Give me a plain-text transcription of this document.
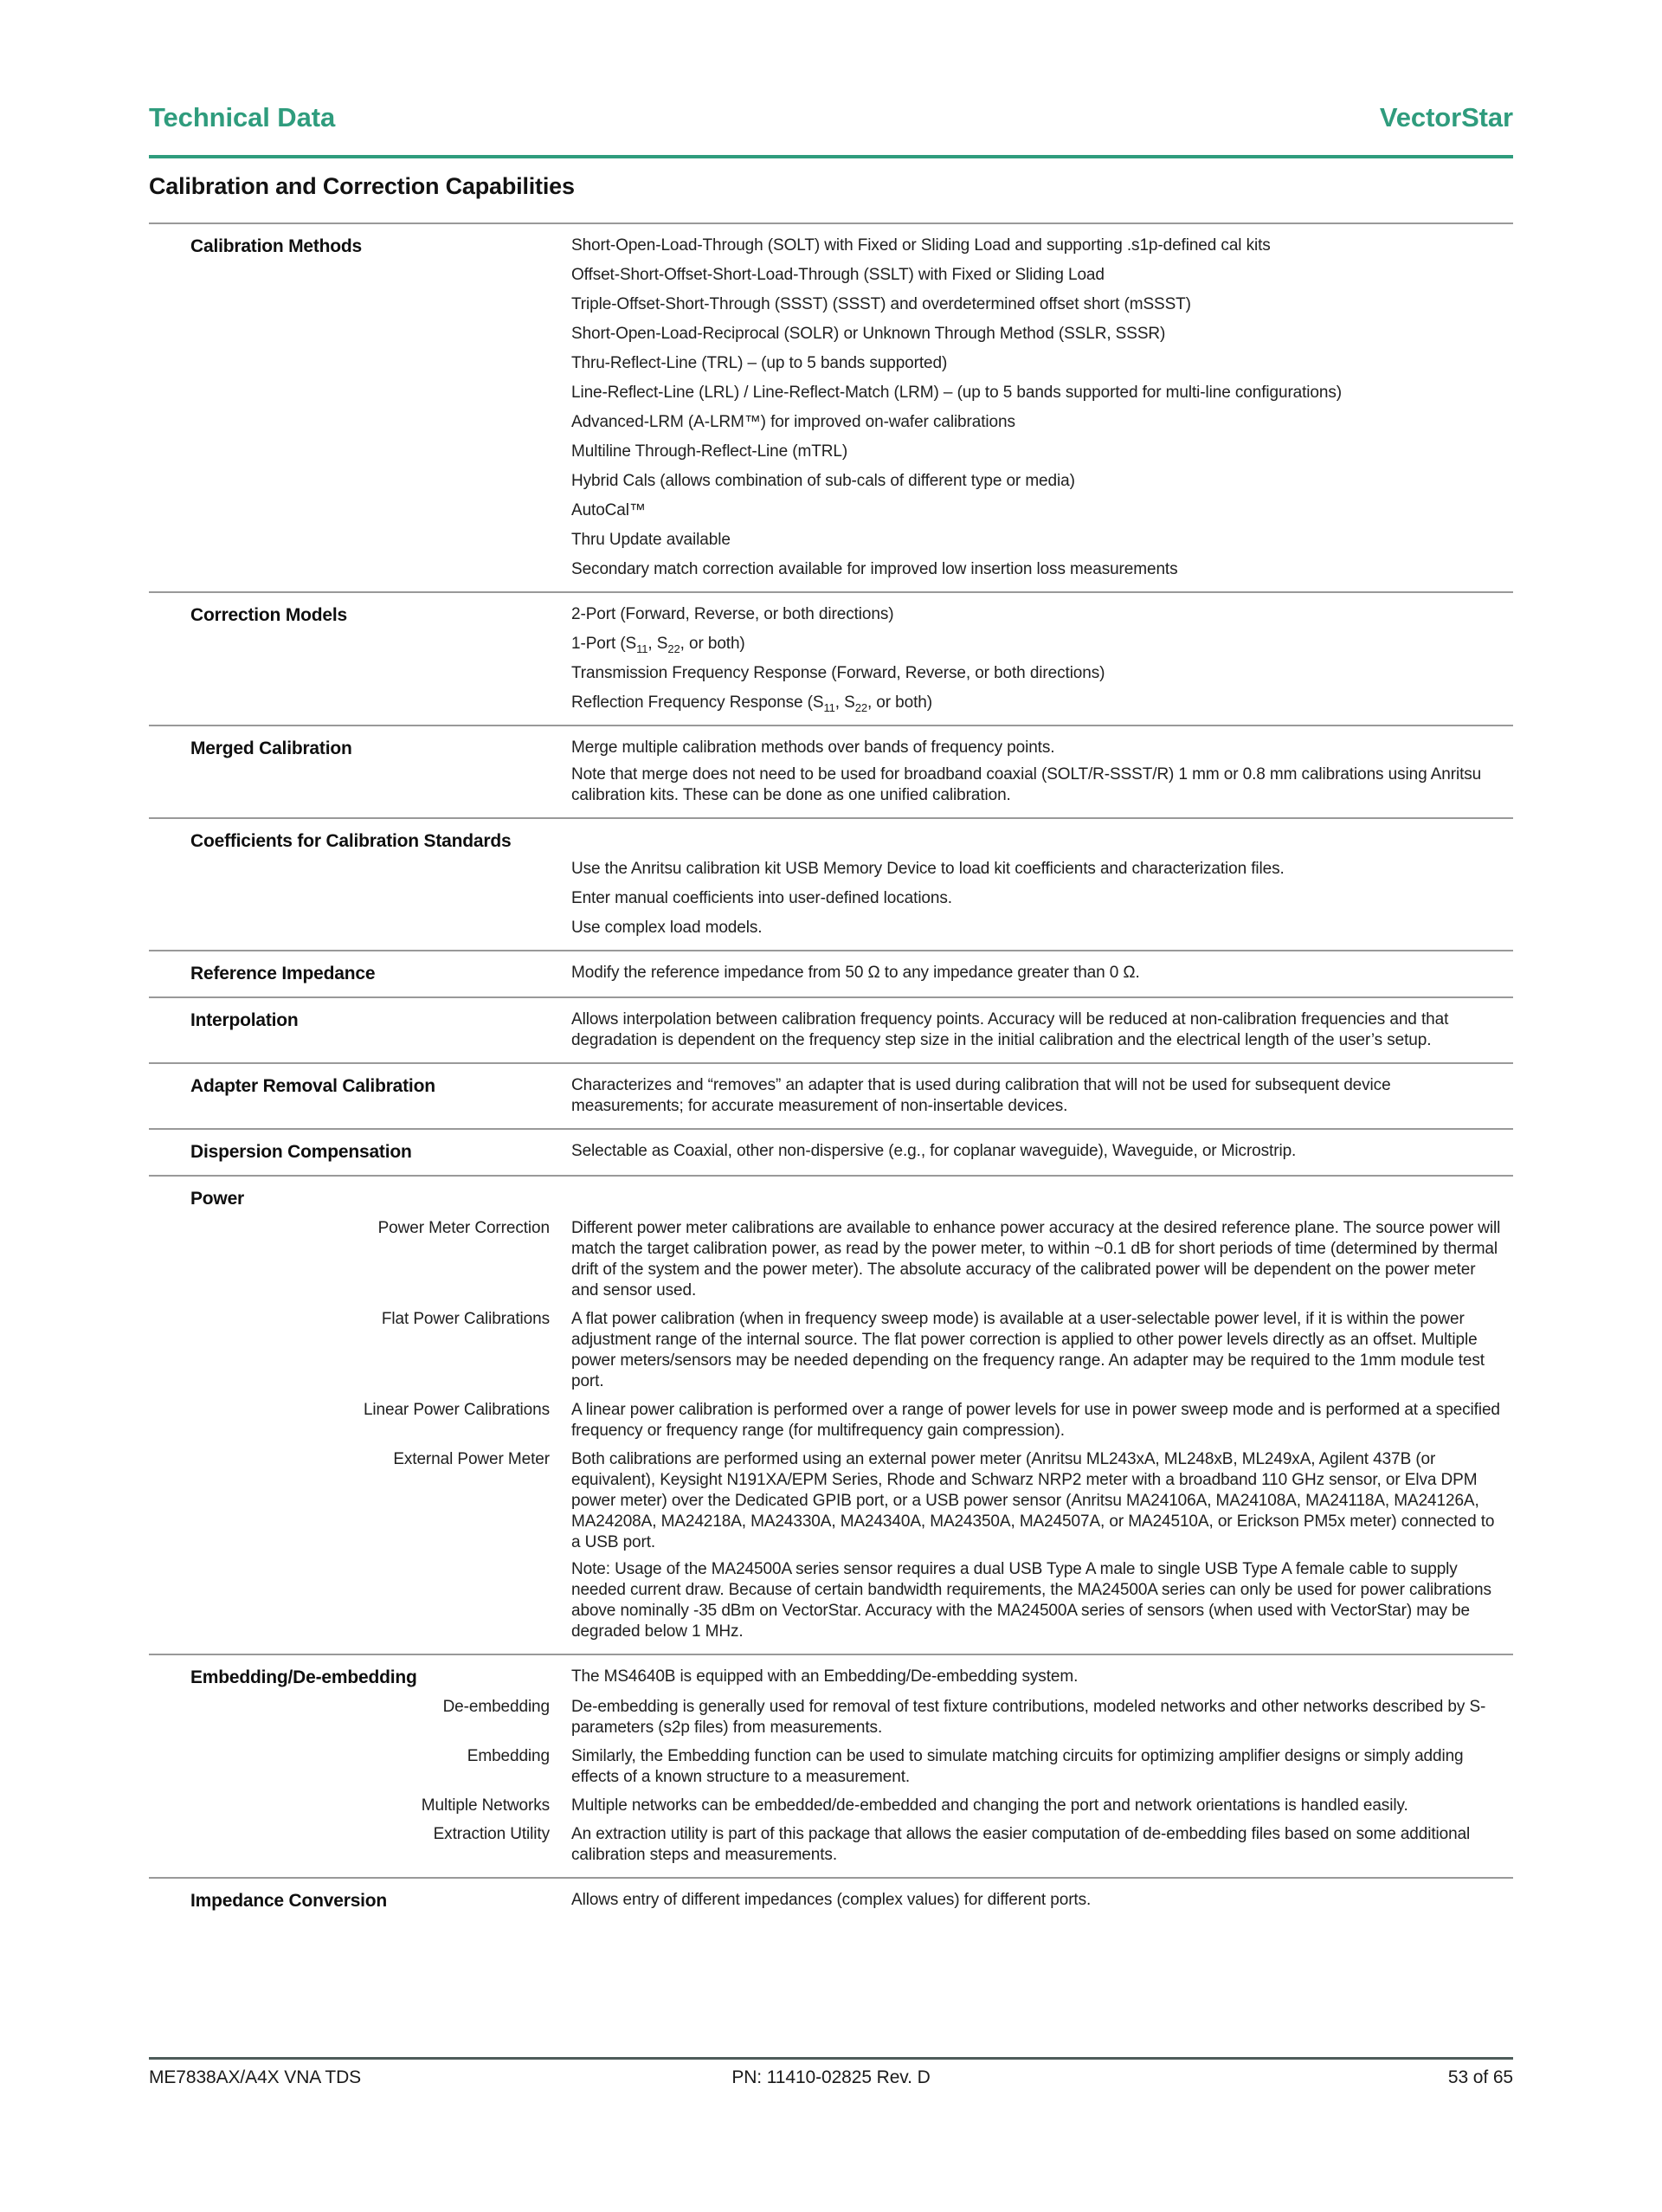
Technical Data	VectorStar
Calibration and Correction Capabilities
Calibration Methods	Short-Open-Load-Through (SOLT) with Fixed or Sliding Load and supporting .s1p-defined cal kits
Offset-Short-Offset-Short-Load-Through (SSLT) with Fixed or Sliding Load
Triple-Offset-Short-Through (SSST) (SSST) and overdetermined offset short (mSSST)
Short-Open-Load-Reciprocal (SOLR) or Unknown Through Method (SSLR, SSSR)
Thru-Reflect-Line (TRL) – (up to 5 bands supported)
Line-Reflect-Line (LRL) / Line-Reflect-Match (LRM) – (up to 5 bands supported for multi-line configurations)
Advanced-LRM (A-LRM™) for improved on-wafer calibrations
Multiline Through-Reflect-Line (mTRL)
Hybrid Cals (allows combination of sub-cals of different type or media)
AutoCal™
Thru Update available
Secondary match correction available for improved low insertion loss measurements
Correction Models	2-Port (Forward, Reverse, or both directions)
1-Port ($S_{11}$, $S_{22}$, or both)
Transmission Frequency Response (Forward, Reverse, or both directions)
Reflection Frequency Response ($S_{11}$, $S_{22}$, or both)
Merged Calibration	Merge multiple calibration methods over bands of frequency points.

Note that merge does not need to be used for broadband coaxial (SOLT/R-SSST/R) 1 mm or 0.8 mm calibrations using Anritsu calibration kits. These can be done as one unified calibration.

Coefficients for Calibration Standards
Use the Anritsu calibration kit USB Memory Device to load kit coefficients and characterization files.
Enter manual coefficients into user-defined locations.
Use complex load models.
Reference Impedance	Modify the reference impedance from 50 Ω to any impedance greater than 0 Ω.

Interpolation	Allows interpolation between calibration frequency points. Accuracy will be reduced at non-calibration frequencies and that degradation is dependent on the frequency step size in the initial calibration and the electrical length of the user’s setup.

Adapter Removal Calibration	Characterizes and “removes” an adapter that is used during calibration that will not be used for subsequent device measurements; for accurate measurement of non-insertable devices.

Dispersion Compensation	Selectable as Coaxial, other non-dispersive (e.g., for coplanar waveguide), Waveguide, or Microstrip.

Power
Power Meter Correction	Different power meter calibrations are available to enhance power accuracy at the desired reference plane. The source power will match the target calibration power, as read by the power meter, to within ~0.1 dB for short periods of time (determined by thermal drift of the system and the power meter). The absolute accuracy of the calibrated power will be dependent on the power meter and sensor used.

Flat Power Calibrations	A flat power calibration (when in frequency sweep mode) is available at a user-selectable power level, if it is within the power adjustment range of the internal source. The flat power correction is applied to other power levels directly as an offset. Multiple power meters/sensors may be needed depending on the frequency range. An adapter may be required to the 1mm module test port.

Linear Power Calibrations	A linear power calibration is performed over a range of power levels for use in power sweep mode and is performed at a specified frequency or frequency range (for multifrequency gain compression).

External Power Meter	Both calibrations are performed using an external power meter (Anritsu ML243xA, ML248xB, ML249xA, Agilent 437B (or equivalent), Keysight N191XA/EPM Series, Rhode and Schwarz NRP2 meter with a broadband 110 GHz sensor, or Elva DPM power meter) over the Dedicated GPIB port, or a USB power sensor (Anritsu MA24106A, MA24108A, MA24118A, MA24126A, MA24208A, MA24218A, MA24330A, MA24340A, MA24350A, MA24507A, or MA24510A, or Erickson PM5x meter) connected to a USB port.

Note: Usage of the MA24500A series sensor requires a dual USB Type A male to single USB Type A female cable to supply needed current draw. Because of certain bandwidth requirements, the MA24500A series can only be used for power calibrations above nominally -35 dBm on VectorStar. Accuracy with the MA24500A series of sensors (when used with VectorStar) may be degraded below 1 MHz.

Embedding/De-embedding	The MS4640B is equipped with an Embedding/De-embedding system.

De-embedding	De-embedding is generally used for removal of test fixture contributions, modeled networks and other networks described by S-parameters (s2p files) from measurements.

Embedding	Similarly, the Embedding function can be used to simulate matching circuits for optimizing amplifier designs or simply adding effects of a known structure to a measurement.

Multiple Networks	Multiple networks can be embedded/de-embedded and changing the port and network orientations is handled easily.

Extraction Utility	An extraction utility is part of this package that allows the easier computation of de-embedding files based on some additional calibration steps and measurements.

Impedance Conversion	Allows entry of different impedances (complex values) for different ports.

ME7838AX/A4X VNA TDS	PN: 11410-02825 Rev. D	53 of 65
